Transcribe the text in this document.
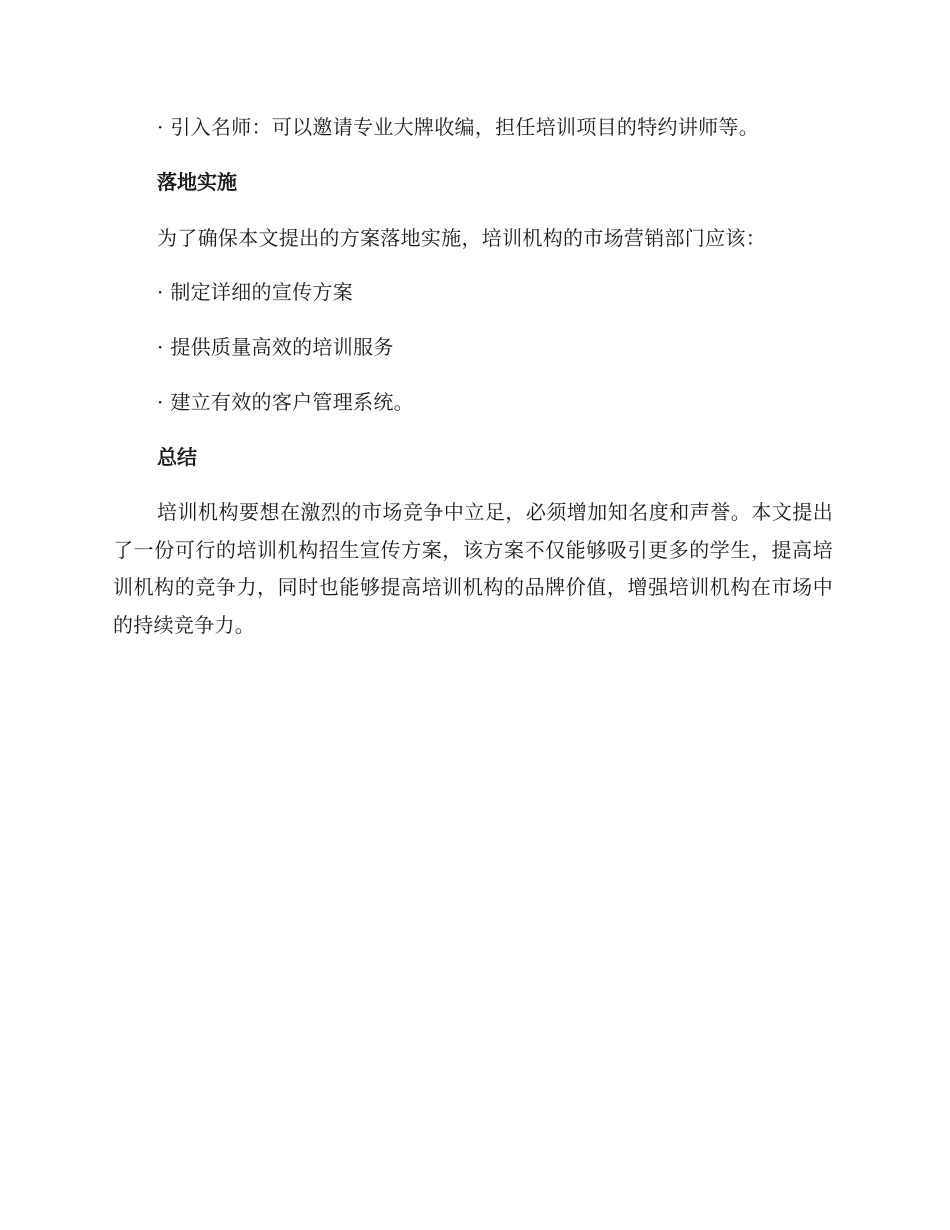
· 引入名师：可以邀请专业大牌收编，担任培训项目的特约讲师等。
落地实施
为了确保本文提出的方案落地实施，培训机构的市场营销部门应该：
· 制定详细的宣传方案
· 提供质量高效的培训服务
· 建立有效的客户管理系统。
总结
培训机构要想在激烈的市场竞争中立足，必须增加知名度和声誉。本文提出了一份可行的培训机构招生宣传方案，该方案不仅能够吸引更多的学生，提高培训机构的竞争力，同时也能够提高培训机构的品牌价值，增强培训机构在市场中的持续竞争力。
